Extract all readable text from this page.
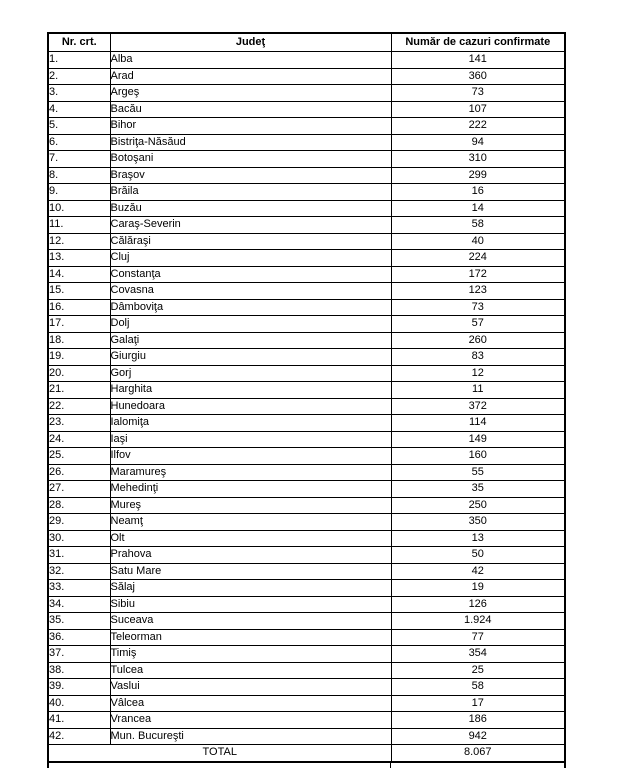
Nr. crt.	Judeţ	Număr de cazuri confirmate
1.	Alba	141
2.	Arad	360
3.	Argeş	73
4.	Bacău	107
5.	Bihor	222
6.	Bistriţa-Năsăud	94
7.	Botoşani	310
8.	Braşov	299
9.	Brăila	16
10.	Buzău	14
11.	Caraş-Severin	58
12.	Călăraşi	40
13.	Cluj	224
14.	Constanţa	172
15.	Covasna	123
16.	Dâmboviţa	73
17.	Dolj	57
18.	Galaţi	260
19.	Giurgiu	83
20.	Gorj	12
21.	Harghita	11
22.	Hunedoara	372
23.	Ialomiţa	114
24.	Iaşi	149
25.	Ilfov	160
26.	Maramureş	55
27.	Mehedinţi	35
28.	Mureş	250
29.	Neamţ	350
30.	Olt	13
31.	Prahova	50
32.	Satu Mare	42
33.	Sălaj	19
34.	Sibiu	126
35.	Suceava	1.924
36.	Teleorman	77
37.	Timiş	354
38.	Tulcea	25
39.	Vaslui	58
40.	Vâlcea	17
41.	Vrancea	186
42.	Mun. Bucureşti	942
TOTAL		8.067
